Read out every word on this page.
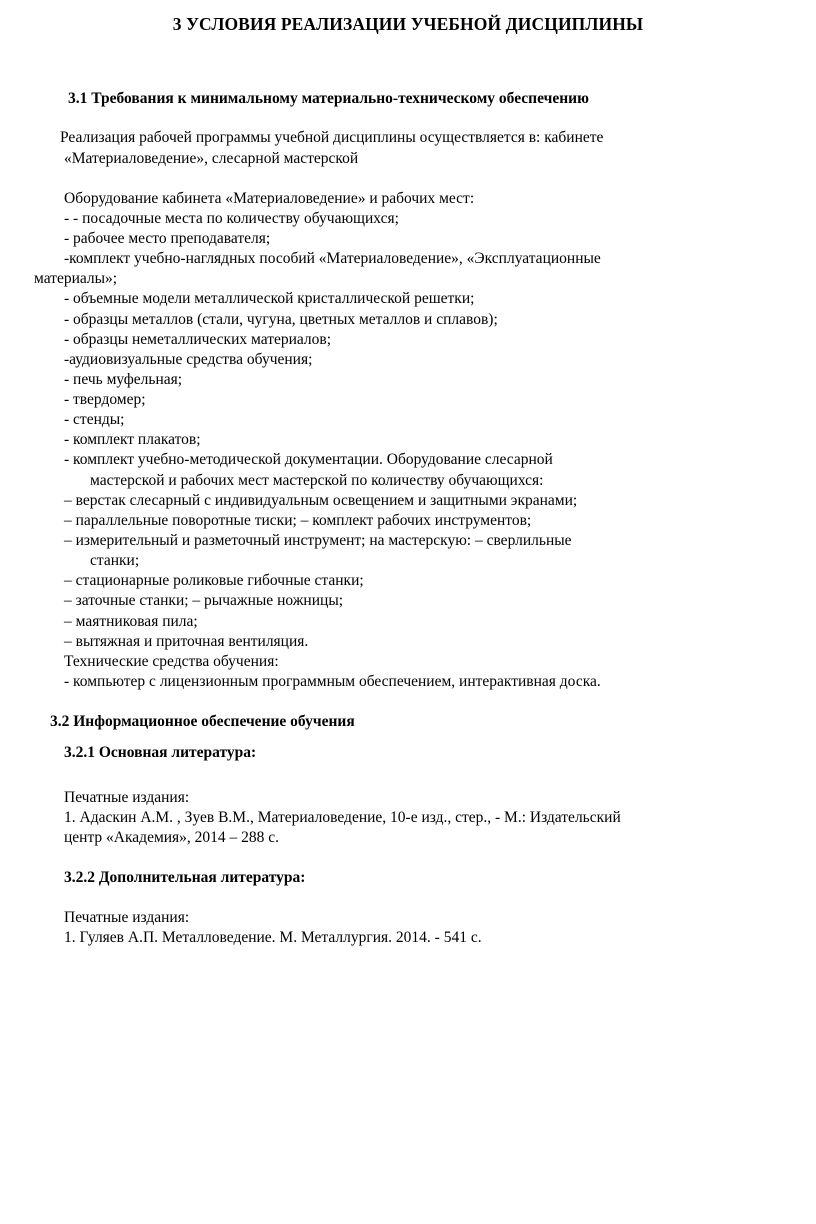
3 УСЛОВИЯ РЕАЛИЗАЦИИ УЧЕБНОЙ ДИСЦИПЛИНЫ
3.1 Требования к минимальному материально-техническому обеспечению
Реализация рабочей программы учебной дисциплины осуществляется в: кабинете
«Материаловедение», слесарной мастерской
Оборудование кабинета «Материаловедение» и рабочих мест:
- - посадочные места по количеству обучающихся;
- рабочее место преподавателя;
-комплект учебно-наглядных пособий «Материаловедение», «Эксплуатационные
материалы»;
- объемные модели металлической кристаллической решетки;
- образцы металлов (стали, чугуна, цветных металлов и сплавов);
- образцы неметаллических материалов;
-аудиовизуальные средства обучения;
- печь муфельная;
- твердомер;
- стенды;
- комплект плакатов;
- комплект учебно-методической документации. Оборудование слесарной
мастерской и рабочих мест мастерской по количеству обучающихся:
– верстак слесарный с индивидуальным освещением и защитными экранами;
– параллельные поворотные тиски; – комплект рабочих инструментов;
– измерительный и разметочный инструмент; на мастерскую: – сверлильные
станки;
– стационарные роликовые гибочные станки;
– заточные станки; – рычажные ножницы;
– маятниковая пила;
– вытяжная и приточная вентиляция.
Технические средства обучения:
- компьютер с лицензионным программным обеспечением, интерактивная доска.
3.2 Информационное обеспечение обучения
3.2.1 Основная литература:
Печатные издания:
1. Адаскин А.М. , Зуев В.М., Материаловедение, 10-е изд., стер., - М.: Издательский
центр «Академия», 2014 – 288 с.
3.2.2 Дополнительная литература:
Печатные издания:
1. Гуляев А.П. Металловедение. М. Металлургия. 2014. - 541 с.
